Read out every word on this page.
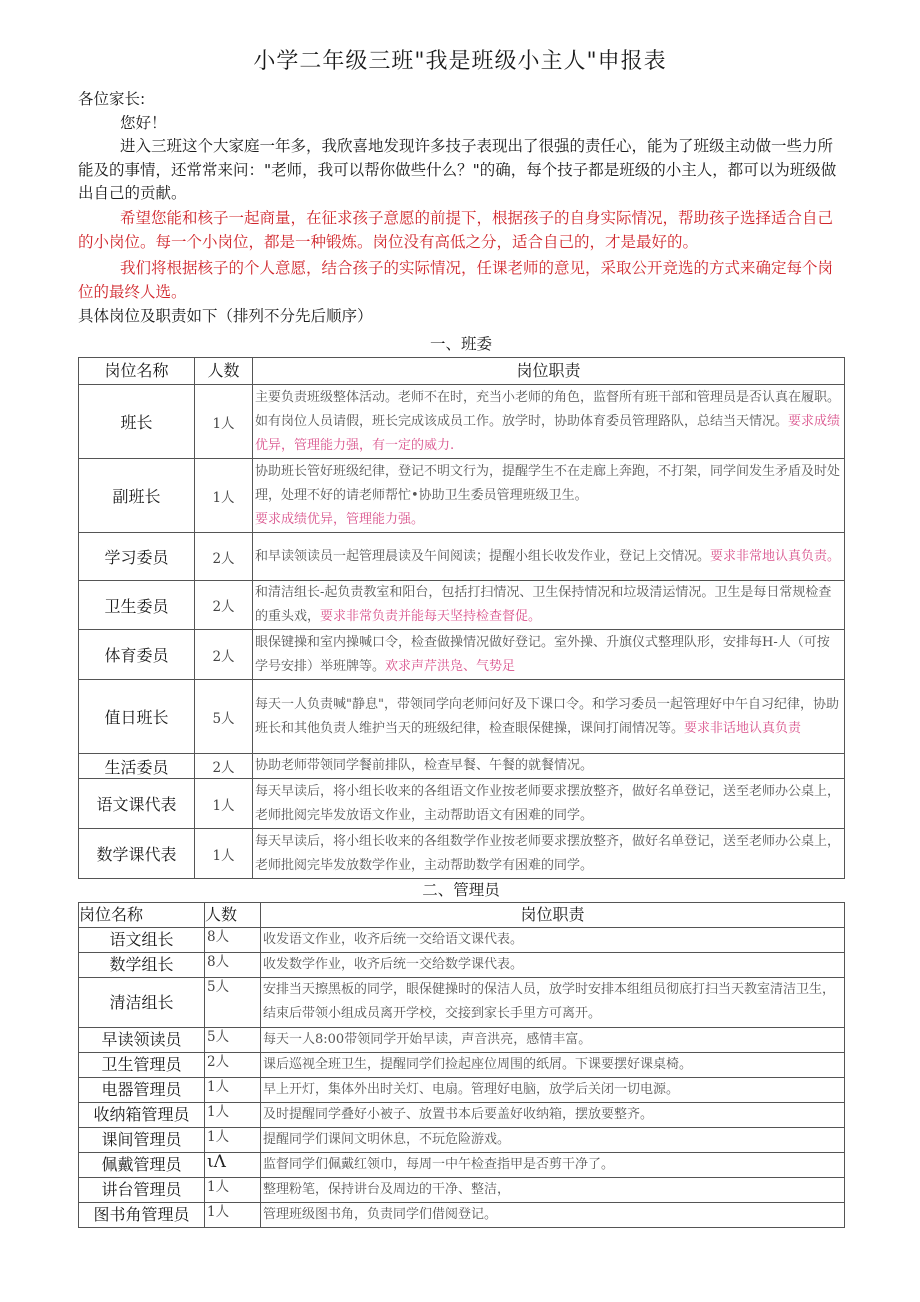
小学二年级三班"我是班级小主人"申报表
各位家长:
您好！
进入三班这个大家庭一年多，我欣喜地发现许多技子表现出了很强的责任心，能为了班级主动做一些力所能及的事情，还常常来问："老师，我可以帮你做些什么？"的确，每个技子都是班级的小主人，都可以为班级做出自己的贡献。
希望您能和核子一起商量，在征求孩子意愿的前提下，根据孩子的自身实际情况，帮助孩子选择适合自己的小岗位。每一个小岗位，都是一种锻炼。岗位没有高低之分，适合自己的，才是最好的。
我们将根据核子的个人意愿，结合孩子的实际情况，任课老师的意见，采取公开竞选的方式来确定每个岗位的最终人选。
具体岗位及职责如下（排列不分先后顺序）
一、班委
岗位名称	人数	岗位职责
班长	1人	主要负责班级整体活动。老师不在时，充当小老师的角色，监督所有班干部和管理员是否认真在履职。如有岗位人员请假，班长完成该成员工作。放学时，协助体育委员管理路队，总结当天情况。要求成绩优异，管理能力强，有一定的威力.
副班长	1人	协助班长管好班级纪律，登记不明文行为，提醒学生不在走廊上奔跑，不打架，同学间发生矛盾及时处理，处理不好的请老师帮忙•协助卫生委员管理班级卫生。
要求成绩优异，管理能力强。
学习委员	2人	和早读领读员一起管理晨读及午间阅读；提醒小组长收发作业，登记上交情况。要求非常地认真负责。
卫生委员	2人	和清洁组长-起负责教室和阳台，包括打扫情况、卫生保持情况和垃圾清运情况。卫生是每日常规检查的重头戏，要求非常负责并能每天坚持检查督促。
体育委员	2人	眼保键操和室内操喊口令，检查做操情况做好登记。室外操、升旗仪式整理队形，安排每H-人（可按学号安排）举班牌等。欢求声芹洪凫、气势足
值日班长	5人	每天一人负责喊"静息"，带领同学向老师问好及下课口令。和学习委员一起管理好中午自习纪律，协助班长和其他负责人维护当天的班级纪律，检查眼保健操，课间打闹情况等。要求非话地认真负责
生活委员	2人	协助老师带领同学餐前排队，检查早餐、午餐的就餐情况。
语文课代表	1人	每天早读后，将小组长收来的各组语文作业按老师要求摆放整齐，做好名单登记，送至老师办公桌上，老师批阅完毕发放语文作业，主动帮助语文有困难的同学。
数学课代表	1人	每天早读后，将小组长收来的各组数学作业按老师要求摆放整齐，做好名单登记，送至老师办公桌上，老师批阅完毕发放数学作业，主动帮助数学有困难的同学。
二、管理员
岗位名称	人数	岗位职责
语文组长	8人	收发语文作业，收齐后统一交给语文课代表。
数学组长	8人	收发数学作业，收齐后统一交给数学课代表。
清洁组长	5人	安排当天擦黑板的同学，眼保健操时的保洁人员，放学时安排本组组员彻底打扫当天教室清洁卫生，结束后带领小组成员离开学校，交接到家长手里方可离开。
早读领读员	5人	每天一人8:00带领同学开始早读，声音洪亮，感情丰富。
卫生管理员	2人	课后巡视全班卫生，提醒同学们捡起座位周围的纸屑。下课要摆好课桌椅。
电器管理员	1人	早上开灯，集体外出时关灯、电扇。管理好电脑，放学后关闭一切电源。
收纳箱管理员	1人	及时提醒同学叠好小被子、放置书本后要盖好收纳箱，摆放要整齐。
课间管理员	1人	提醒同学们课间文明休息，不玩危险游戏。
佩戴管理员	ιΛ	监督同学们佩戴红领巾，每周一中午检查指甲是否剪干净了。
讲台管理员	1人	整理粉笔，保持讲台及周边的干净、整洁，
图书角管理员	1人	管理班级图书角，负责同学们借阅登记。
